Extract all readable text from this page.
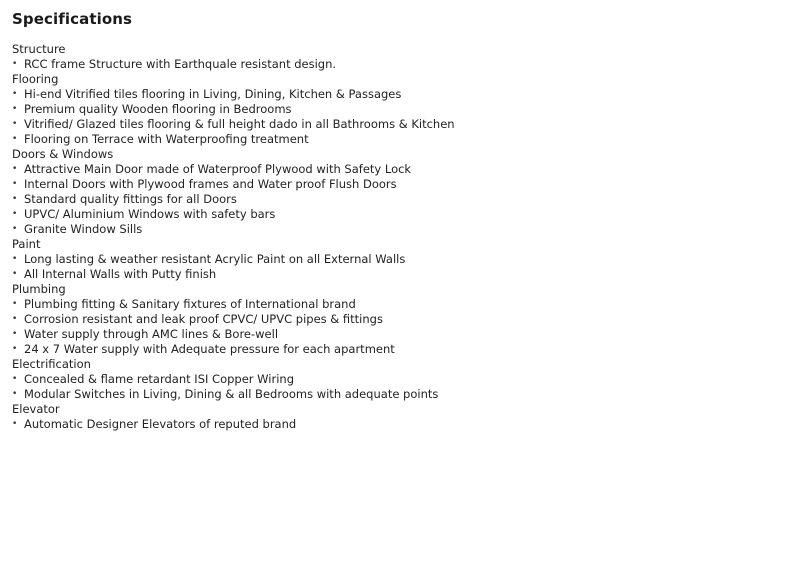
Specifications
Structure
• RCC frame Structure with Earthquale resistant design.
Flooring
• Hi-end Vitrified tiles flooring in Living, Dining, Kitchen & Passages
• Premium quality Wooden flooring in Bedrooms
• Vitrified/ Glazed tiles flooring & full height dado in all Bathrooms & Kitchen
• Flooring on Terrace with Waterproofing treatment
Doors & Windows
• Attractive Main Door made of Waterproof Plywood with Safety Lock
• Internal Doors with Plywood frames and Water proof Flush Doors
• Standard quality fittings for all Doors
• UPVC/ Aluminium Windows with safety bars
• Granite Window Sills
Paint
• Long lasting & weather resistant Acrylic Paint on all External Walls
• All Internal Walls with Putty finish
Plumbing
• Plumbing fitting & Sanitary fixtures of International brand
• Corrosion resistant and leak proof CPVC/ UPVC pipes & fittings
• Water supply through AMC lines & Bore-well
• 24 x 7 Water supply with Adequate pressure for each apartment
Electrification
• Concealed & flame retardant ISI Copper Wiring
• Modular Switches in Living, Dining & all Bedrooms with adequate points
Elevator
• Automatic Designer Elevators of reputed brand
